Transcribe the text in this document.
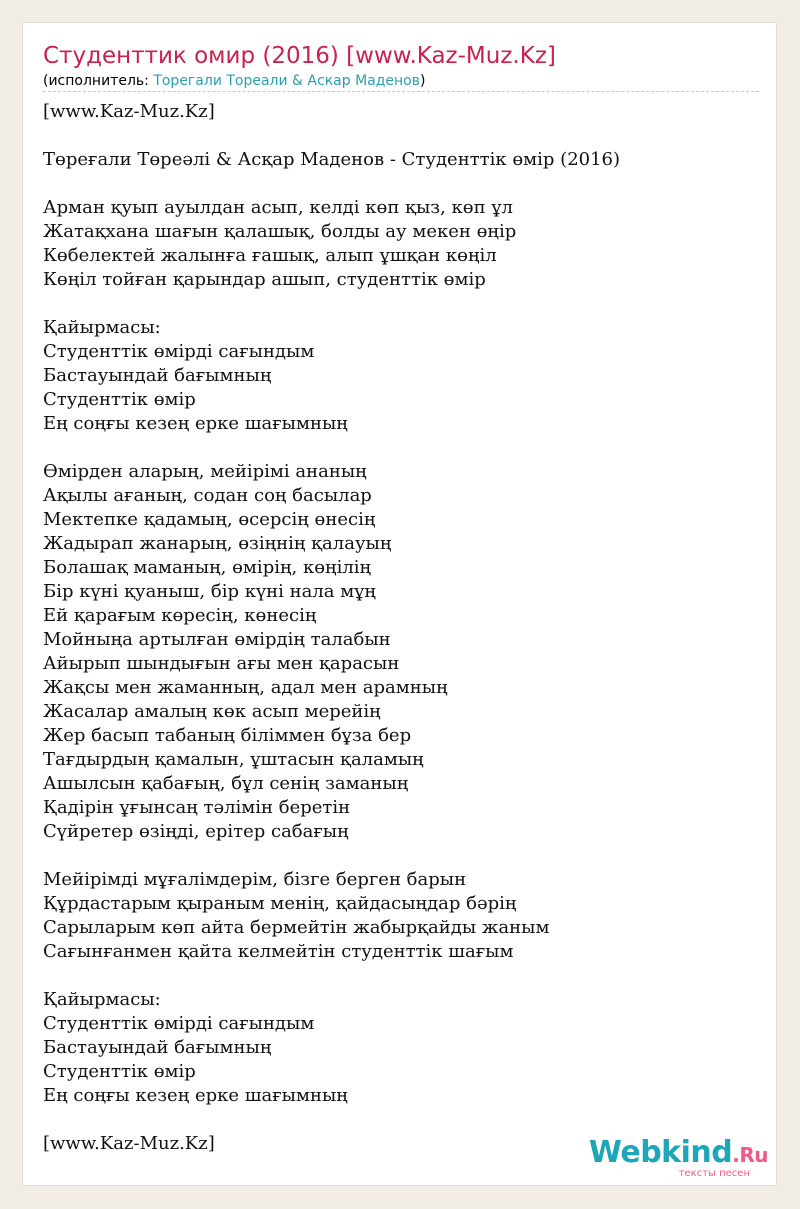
Студенттик омир (2016) [www.Kaz-Muz.Kz]
(исполнитель: Торегали Тореали & Аскар Маденов)
[www.Kaz-Muz.Kz]
Төреғали Төреәлі & Асқар Маденов - Студенттік өмір (2016)
Арман қуып ауылдан асып, келді көп қыз, көп ұл
Жатақхана шағын қалашық, болды ау мекен өңір
Көбелектей жалынға ғашық, алып ұшқан көңіл
Көңіл тойған қарындар ашып, студенттік өмір
Қайырмасы:
Студенттік өмірді сағындым
Бастауындай бағымның
Студенттік өмір
Ең соңғы кезең ерке шағымның
Өмірден аларың, мейірімі ананың
Ақылы ағаның, содан соң басылар
Мектепке қадамың, өсерсің өнесің
Жадырап жанарың, өзіңнің қалауың
Болашақ маманың, өмірің, көңілің
Бір күні қуаныш, бір күні нала мұң
Ей қарағым көресің, көнесің
Мойныңа артылған өмірдің талабын
Айырып шындығын ағы мен қарасын
Жақсы мен жаманның, адал мен арамның
Жасалар амалың көк асып мерейің
Жер басып табаның біліммен бұза бер
Тағдырдың қамалын, ұштасын қаламың
Ашылсын қабағың, бұл сенің заманың
Қадірін ұғынсаң тәлімін беретін
Сүйретер өзіңді, ерітер сабағың
Мейірімді мұғалімдерім, бізге берген барын
Құрдастарым қыраным менің, қайдасыңдар бәрің
Сарыларым көп айта бермейтін жабырқайды жаным
Сағынғанмен қайта келмейтін студенттік шағым
Қайырмасы:
Студенттік өмірді сағындым
Бастауындай бағымның
Студенттік өмір
Ең соңғы кезең ерке шағымның
[www.Kaz-Muz.Kz]	Webkind.Ru
тексты песен
